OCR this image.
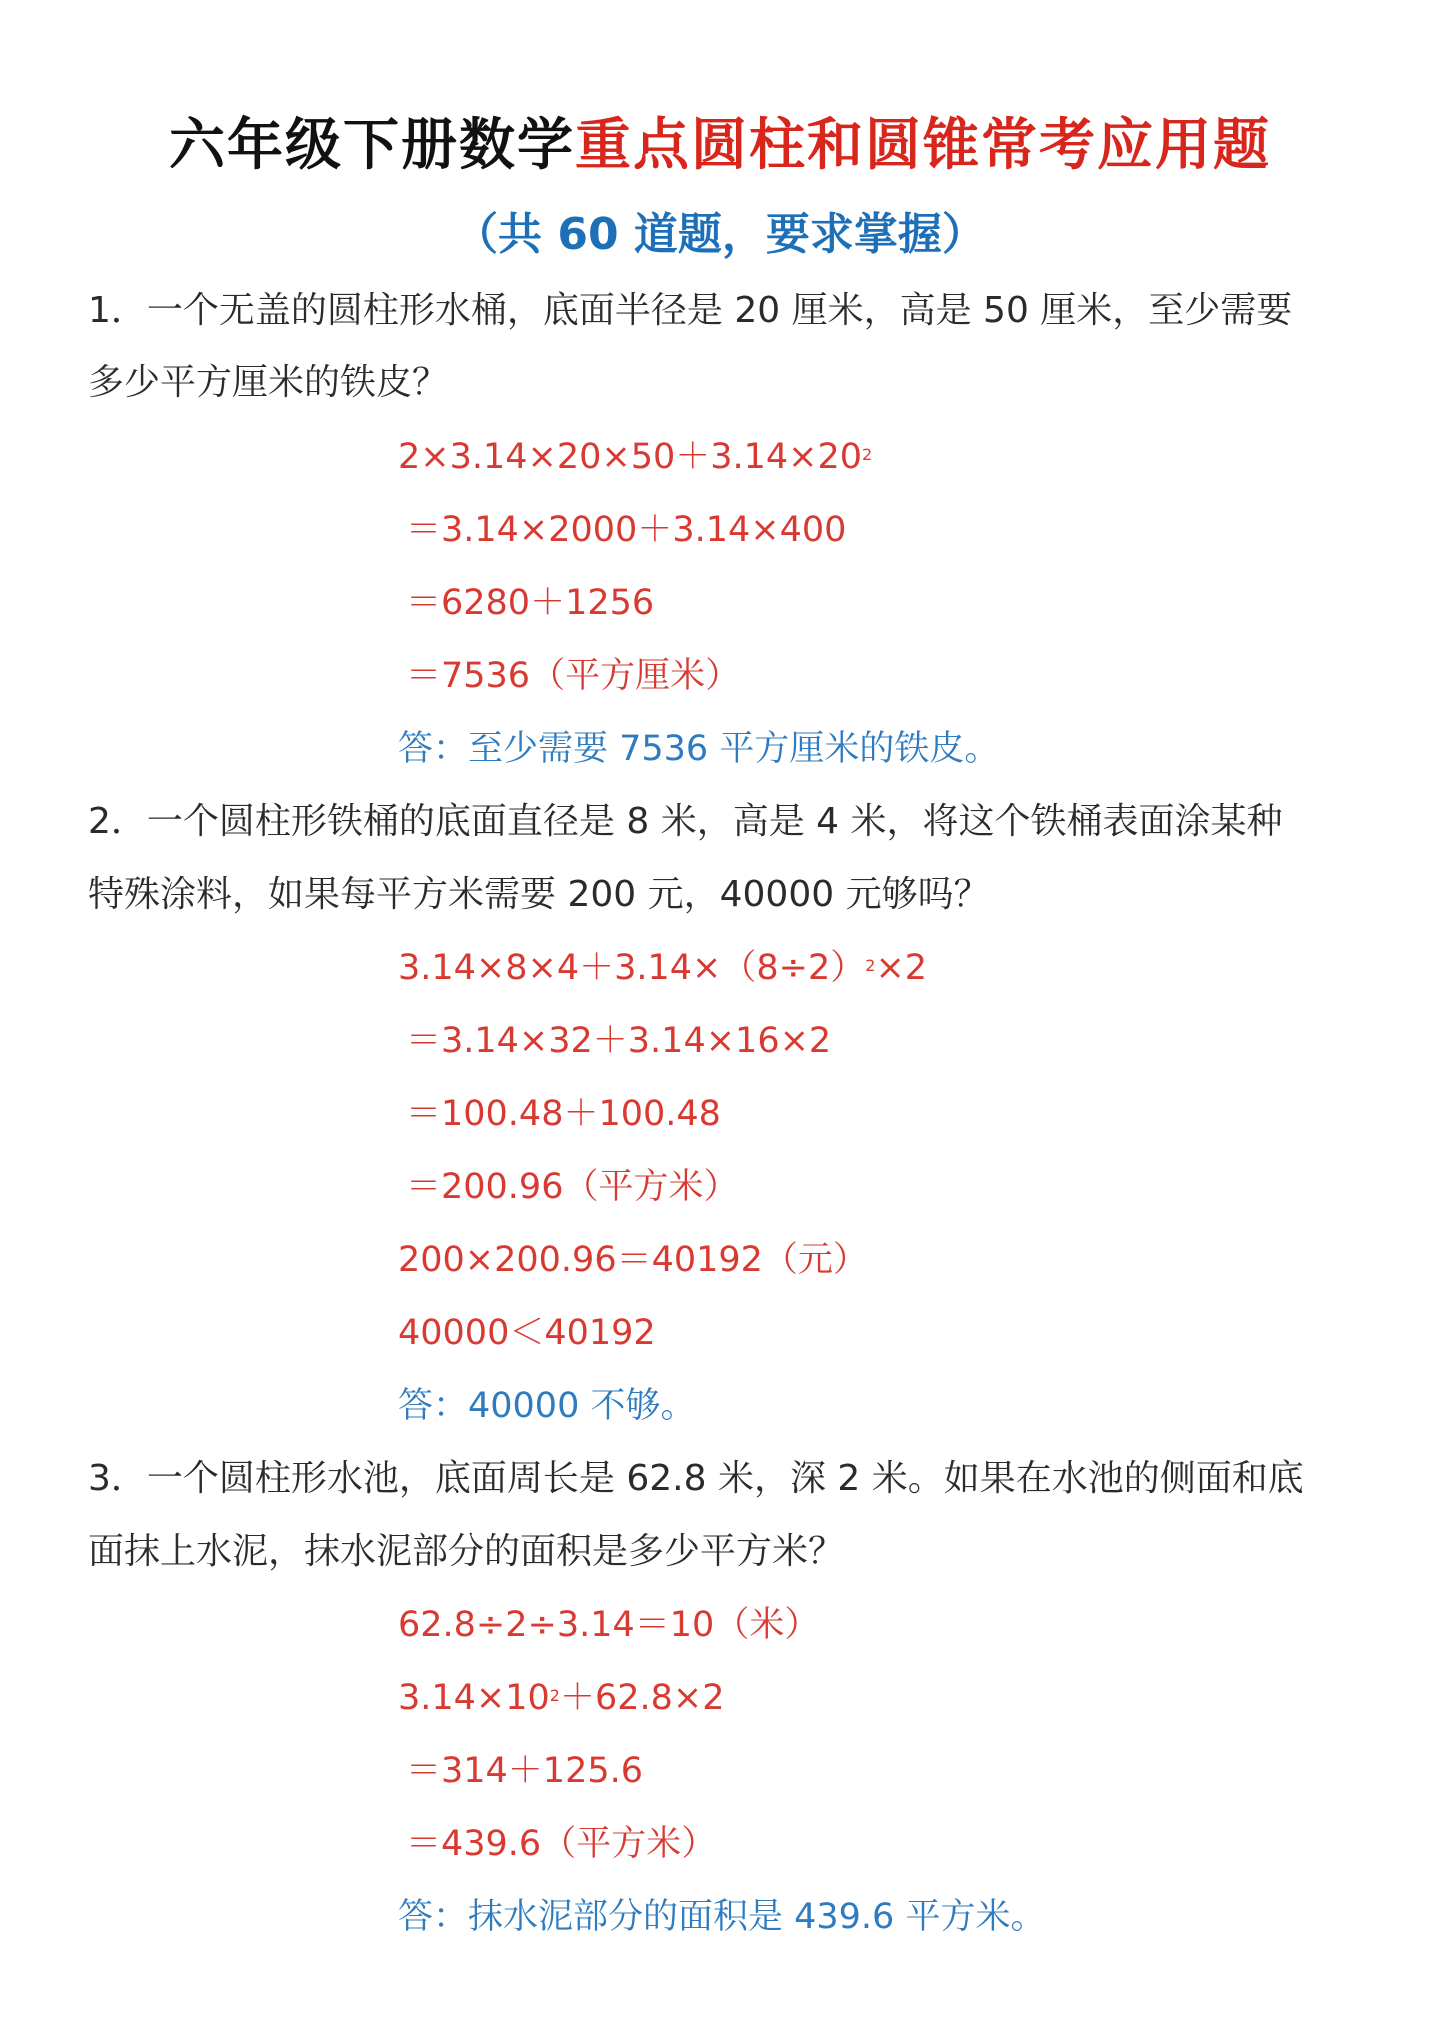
六年级下册数学重点圆柱和圆锥常考应用题
（共 60 道题，要求掌握）
1．一个无盖的圆柱形水桶，底面半径是 20 厘米，高是 50 厘米，至少需要
多少平方厘米的铁皮？
$2\times 3.14\times 20\times 50+3.14\times 20^2$
＝3.14×2000＋3.14×400
＝6280＋1256
＝7536（平方厘米）
答：至少需要 7536 平方厘米的铁皮。
2．一个圆柱形铁桶的底面直径是 8 米，高是 4 米，将这个铁桶表面涂某种
特殊涂料，如果每平方米需要 200 元，40000 元够吗？
$3.14\times 8\times 4+3.14\times(8\div 2)^2\times 2$
＝3.14×32＋3.14×16×2
＝100.48＋100.48
＝200.96（平方米）
200×200.96＝40192（元）
40000＜40192
答：40000 不够。
3．一个圆柱形水池，底面周长是 62.8 米，深 2 米。如果在水池的侧面和底
面抹上水泥，抹水泥部分的面积是多少平方米？
62.8÷2÷3.14＝10（米）
$3.14\times 10^2+62.8\times 2$
＝314＋125.6
＝439.6（平方米）
答：抹水泥部分的面积是 439.6 平方米。
